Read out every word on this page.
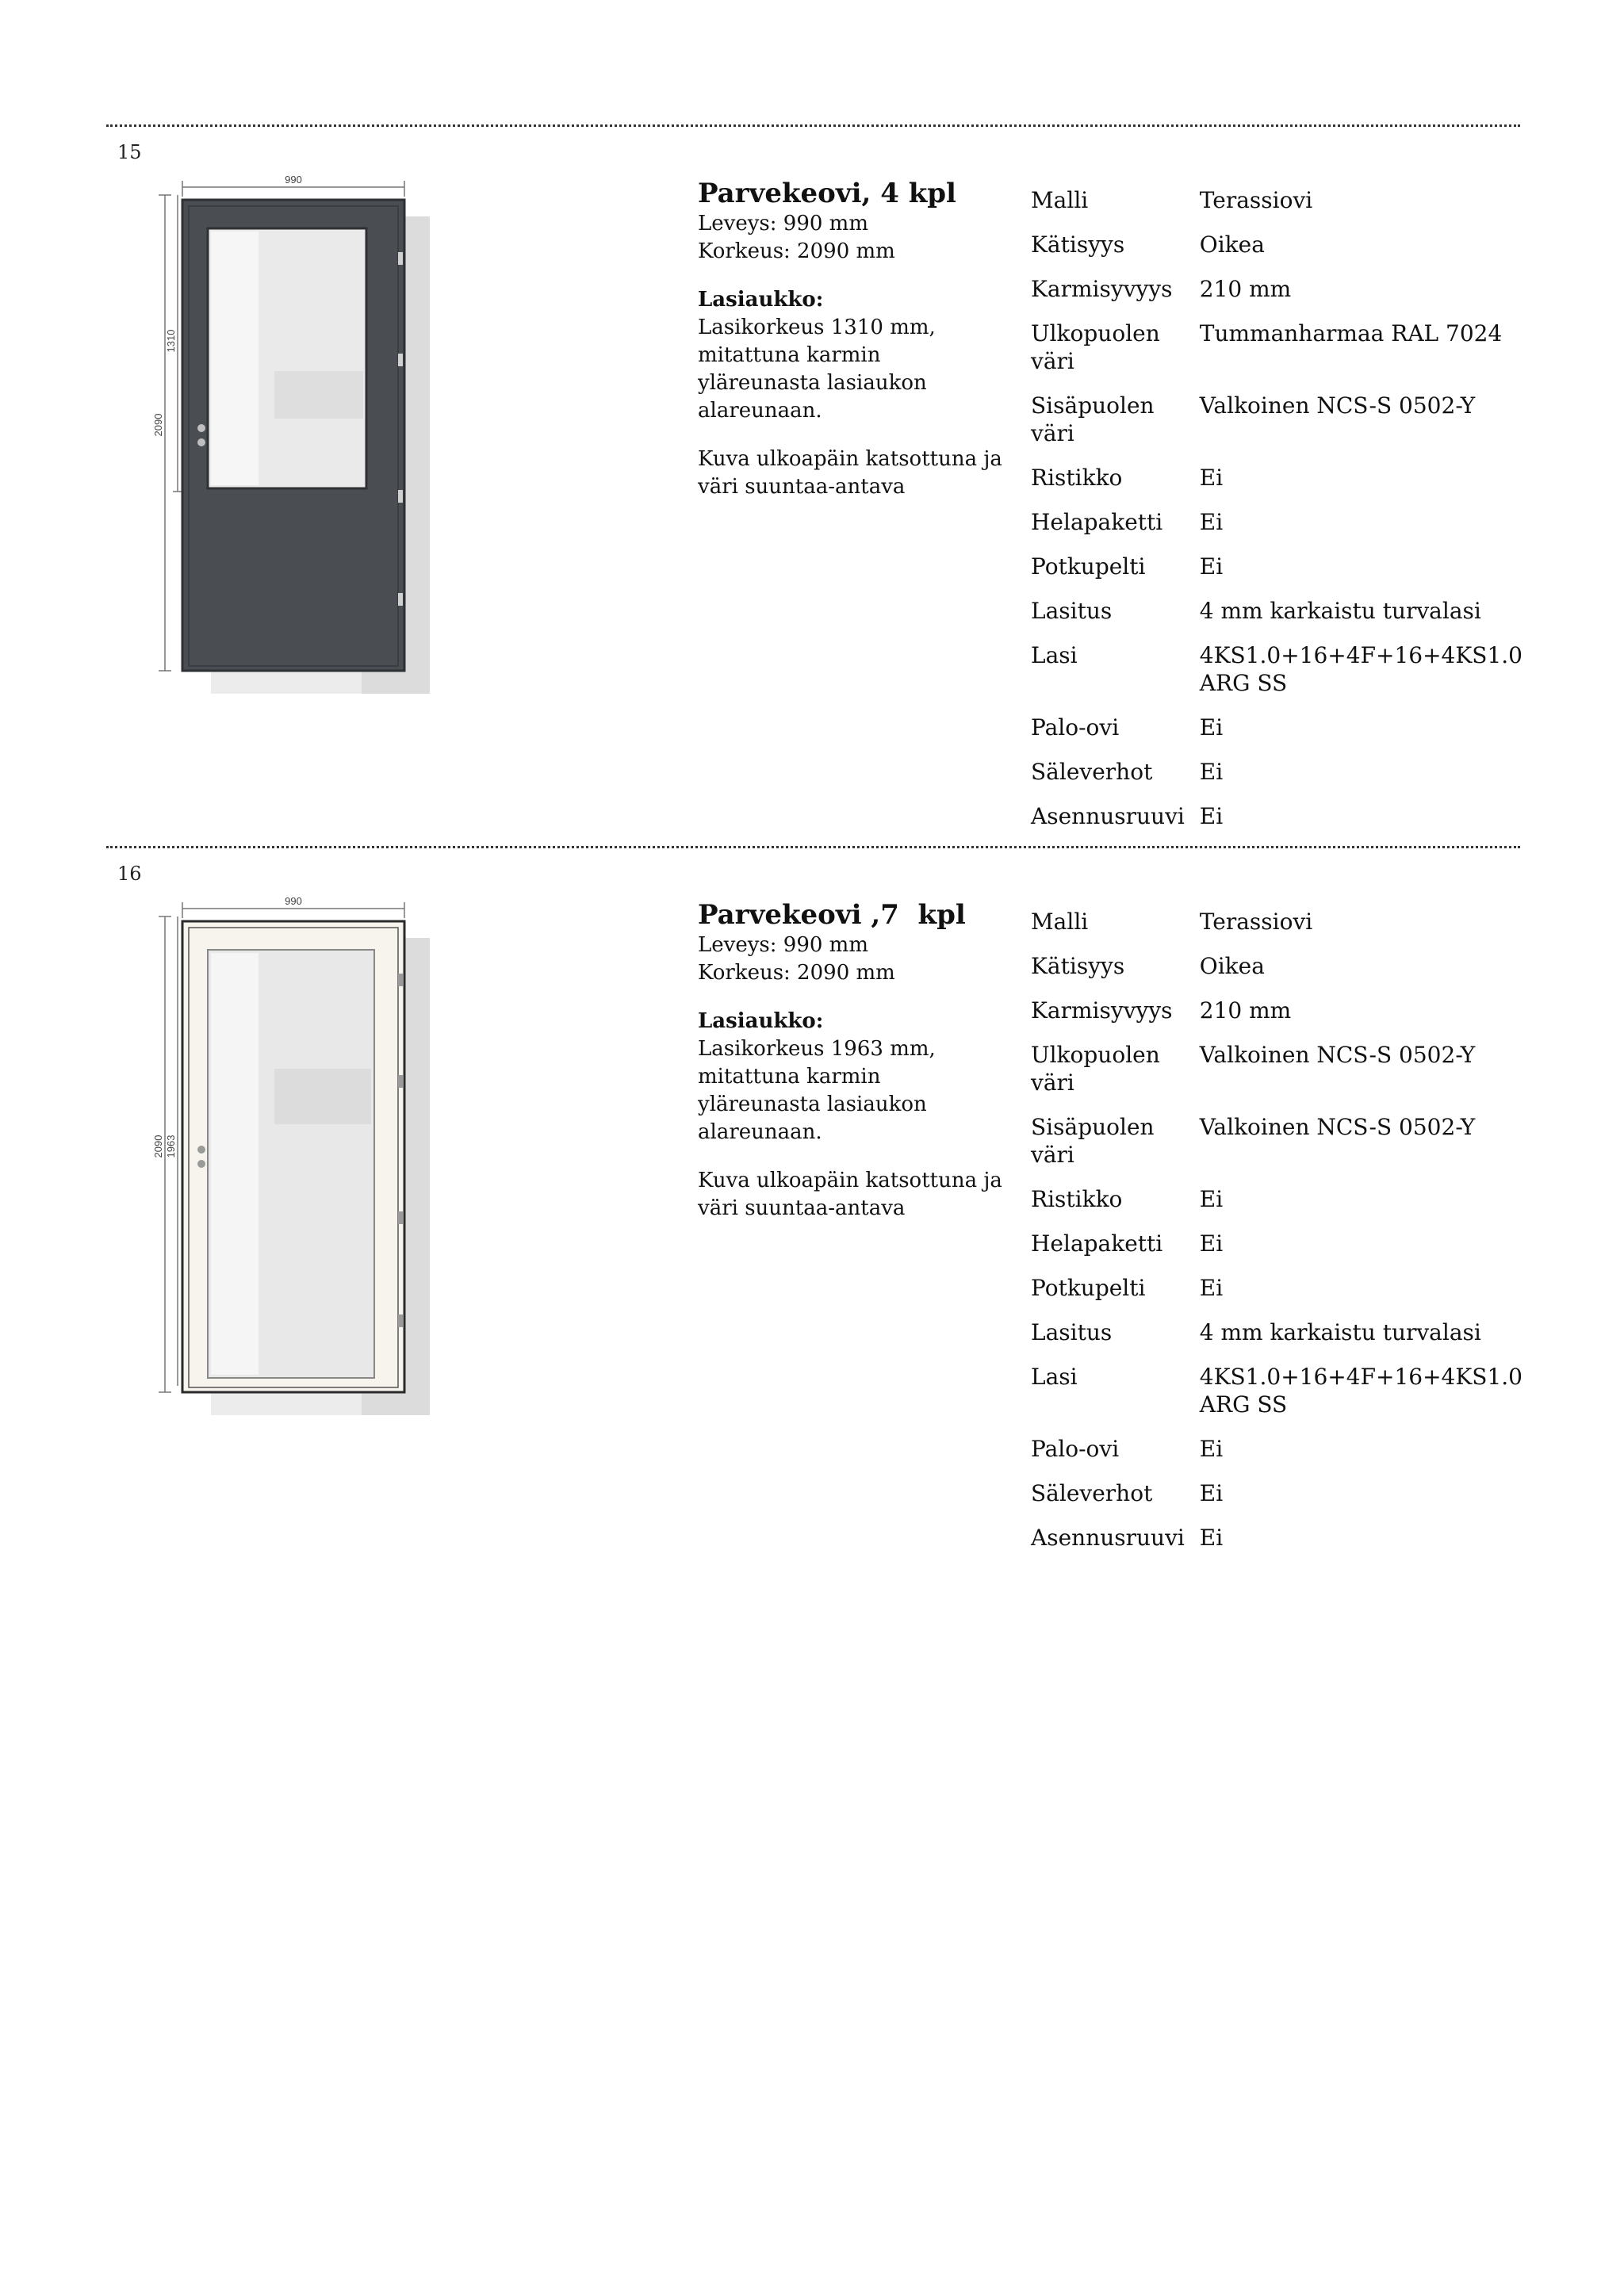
15
990
2090
1310
Parvekeovi, 4 kpl
Leveys: 990 mm
Korkeus: 2090 mm
Lasiaukko:
Lasikorkeus 1310 mm,
mitattuna karmin
yläreunasta lasiaukon
alareunaan.
Kuva ulkoapäin katsottuna ja
väri suuntaa-antava
Malli	Terassiovi
Kätisyys	Oikea
Karmisyvyys	210 mm
Ulkopuolen väri	Tummanharmaa RAL 7024
Sisäpuolen väri	Valkoinen NCS-S 0502-Y
Ristikko	Ei
Helapaketti	Ei
Potkupelti	Ei
Lasitus	4 mm karkaistu turvalasi
Lasi	4KS1.0+16+4F+16+4KS1.0 ARG SS
Palo-ovi	Ei
Säleverhot	Ei
Asennusruuvi	Ei
16
990
2090 1963
Parvekeovi ,7  kpl
Leveys: 990 mm
Korkeus: 2090 mm
Lasiaukko:
Lasikorkeus 1963 mm,
mitattuna karmin
yläreunasta lasiaukon
alareunaan.
Kuva ulkoapäin katsottuna ja
väri suuntaa-antava
Malli	Terassiovi
Kätisyys	Oikea
Karmisyvyys	210 mm
Ulkopuolen väri	Valkoinen NCS-S 0502-Y
Sisäpuolen väri	Valkoinen NCS-S 0502-Y
Ristikko	Ei
Helapaketti	Ei
Potkupelti	Ei
Lasitus	4 mm karkaistu turvalasi
Lasi	4KS1.0+16+4F+16+4KS1.0 ARG SS
Palo-ovi	Ei
Säleverhot	Ei
Asennusruuvi	Ei
